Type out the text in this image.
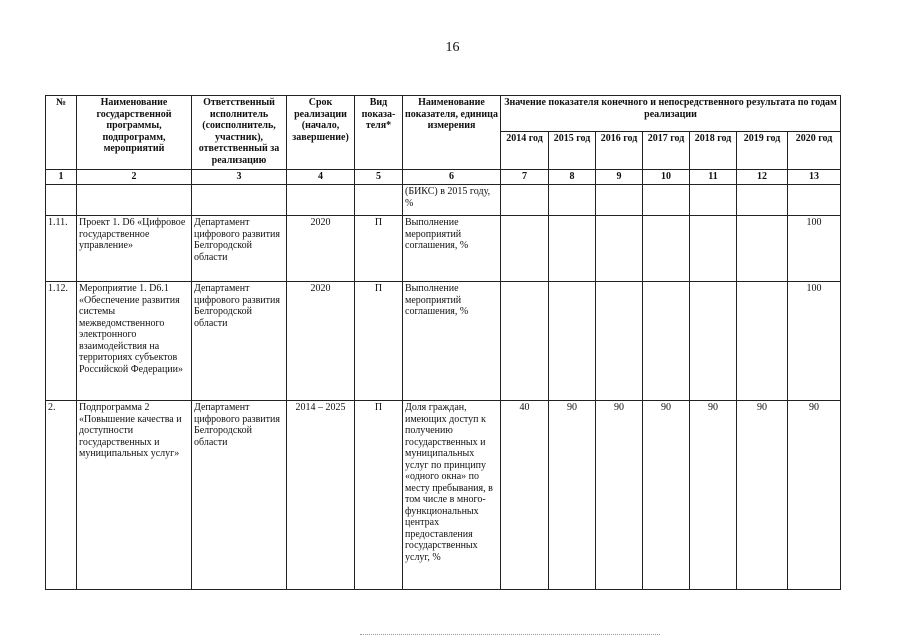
16
№	Наименование государственной программы, подпрограмм, мероприятий	Ответственный исполнитель (соисполнитель, участник), ответственный за реализацию	Срок реализации (начало, завершение)	Вид показа-теля*	Наименование показателя, единица измерения	Значение показателя конечного и непосредственного результата по годам реализации						
						2014 год	2015 год	2016 год	2017 год	2018 год	2019 год	2020 год
1	2	3	4	5	6	7	8	9	10	11	12	13
					(БИКС) в 2015 году, %							
1.11.	Проект 1. D6 «Цифровое государственное управление»	Департамент цифрового развития Белгородской области	2020	П	Выполнение мероприятий соглашения, %							100
1.12.	Мероприятие 1. D6.1 «Обеспечение развития системы межведомственного электронного взаимодействия на территориях субъектов Российской Федерации»	Департамент цифрового развития Белгородской области	2020	П	Выполнение мероприятий соглашения, %							100
2.	Подпрограмма 2 «Повышение качества и доступности государственных и муниципальных услуг»	Департамент цифрового развития Белгородской области	2014 – 2025	П	Доля граждан, имеющих доступ к получению государственных и муниципальных услуг по принципу «одного окна» по месту пребывания, в том числе в много-функциональных центрах предоставления государственных услуг, %	40	90	90	90	90	90	90
